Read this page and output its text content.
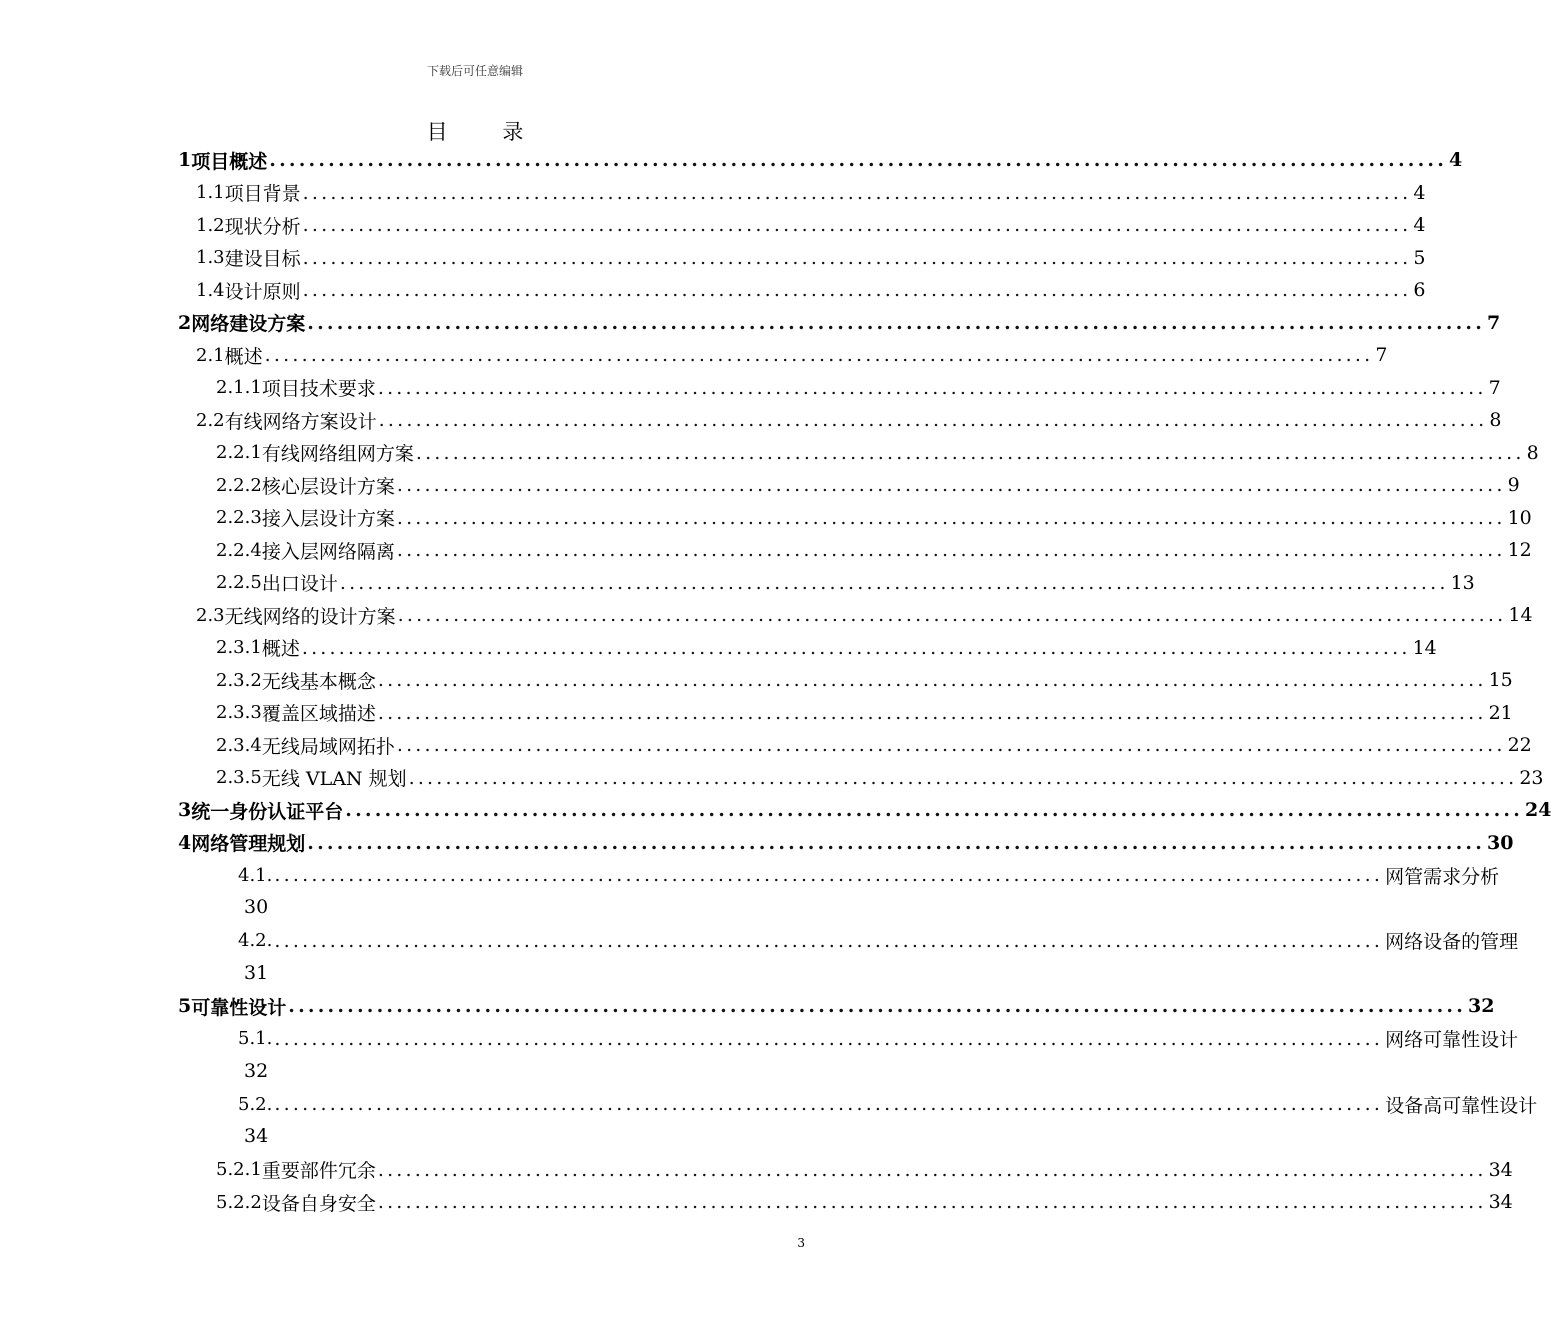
下载后可任意编辑
目 录
1 项目概述 ........................................................................................................................ 4
1.1 项目背景 ........................................................................................................................ 4
1.2 现状分析 ........................................................................................................................ 4
1.3 建设目标 ........................................................................................................................ 5
1.4 设计原则 ........................................................................................................................ 6
2 网络建设方案 ........................................................................................................................ 7
2.1 概述 ........................................................................................................................ 7
2.1.1 项目技术要求 ........................................................................................................................ 7
2.2 有线网络方案设计 ........................................................................................................................ 8
2.2.1 有线网络组网方案 ........................................................................................................................ 8
2.2.2 核心层设计方案 ........................................................................................................................ 9
2.2.3 接入层设计方案 ........................................................................................................................ 10
2.2.4 接入层网络隔离 ........................................................................................................................ 12
2.2.5 出口设计 ........................................................................................................................ 13
2.3 无线网络的设计方案 ........................................................................................................................ 14
2.3.1 概述 ........................................................................................................................ 14
2.3.2 无线基本概念 ........................................................................................................................ 15
2.3.3 覆盖区域描述 ........................................................................................................................ 21
2.3.4 无线局域网拓扑 ........................................................................................................................ 22
2.3.5 无线 VLAN 规划 ........................................................................................................................ 23
3 统一身份认证平台 ........................................................................................................................ 24
4 网络管理规划 ........................................................................................................................ 30
4.1. ........................................................................................................................ 网管需求分析
30
4.2. ........................................................................................................................ 网络设备的管理
31
5 可靠性设计 ........................................................................................................................ 32
5.1. ........................................................................................................................ 网络可靠性设计
32
5.2. ........................................................................................................................ 设备高可靠性设计
34
5.2.1 重要部件冗余 ........................................................................................................................ 34
5.2.2 设备自身安全 ........................................................................................................................ 34
3
